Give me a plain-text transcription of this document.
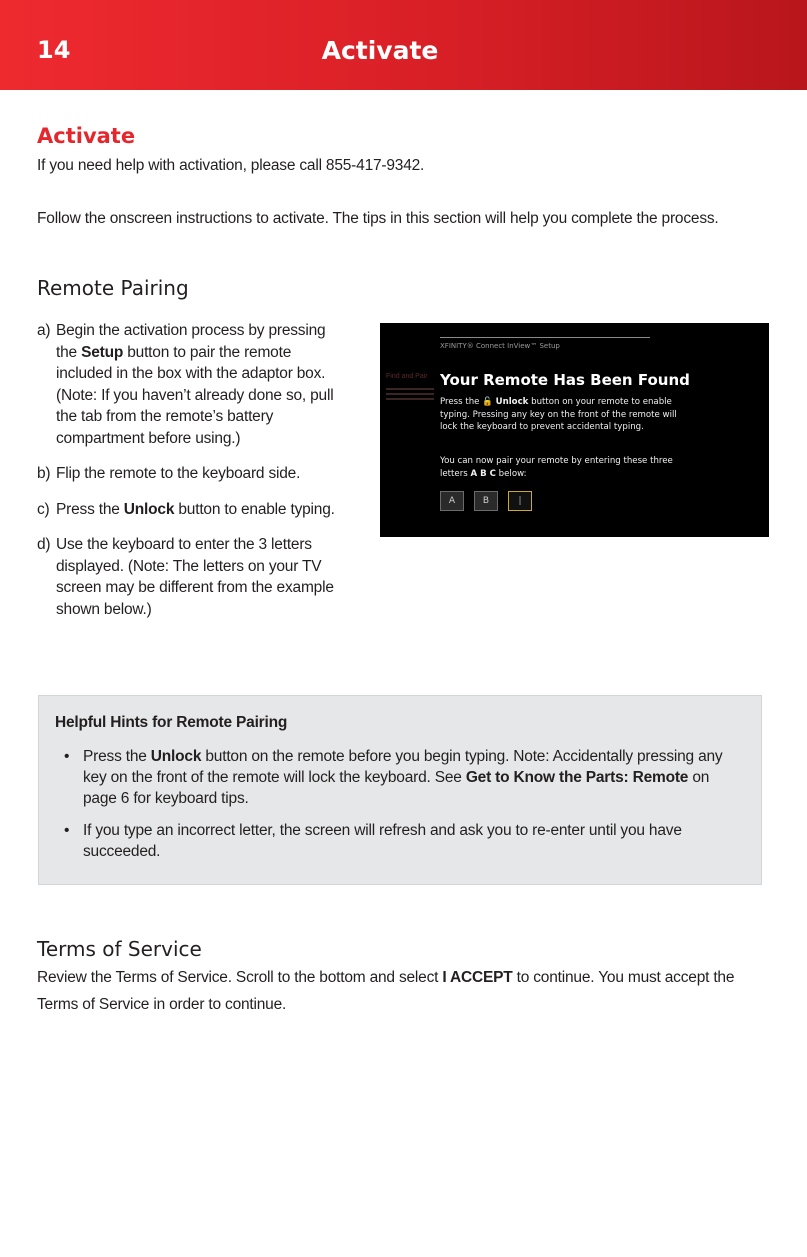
14	Activate
Activate
If you need help with activation, please call 855-417-9342.
Follow the onscreen instructions to activate. The tips in this section will help you complete the process.
Remote Pairing
a) Begin the activation process by pressing the Setup button to pair the remote included in the box with the adaptor box. (Note: If you haven’t already done so, pull the tab from the remote’s battery compartment before using.)
b) Flip the remote to the keyboard side.
c) Press the Unlock button to enable typing.
d) Use the keyboard to enter the 3 letters displayed. (Note: The letters on your TV screen may be different from the example shown below.)
Find and Pair
XFINITY® Connect InView™ Setup
Your Remote Has Been Found
Press the 🔓 Unlock button on your remote to enable typing. Pressing any key on the front of the remote will lock the keyboard to prevent accidental typing.
You can now pair your remote by entering these three letters A B C below:
A	B	|
Helpful Hints for Remote Pairing
• Press the Unlock button on the remote before you begin typing. Note: Accidentally pressing any key on the front of the remote will lock the keyboard. See Get to Know the Parts: Remote on page 6 for keyboard tips.
• If you type an incorrect letter, the screen will refresh and ask you to re-enter until you have succeeded.
Terms of Service
Review the Terms of Service. Scroll to the bottom and select I ACCEPT to continue. You must accept the Terms of Service in order to continue.
